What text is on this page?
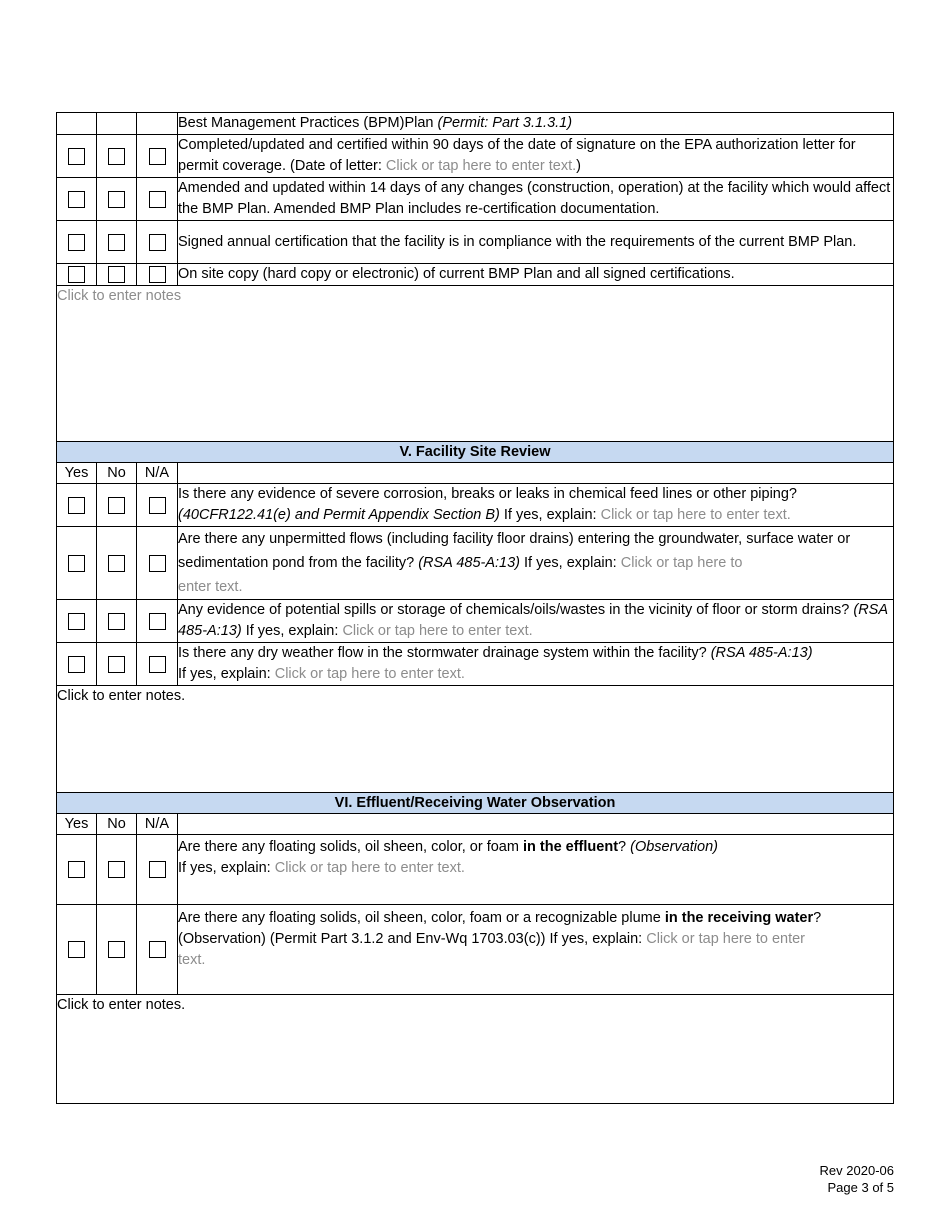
			Best Management Practices (BPM)Plan (Permit: Part 3.1.3.1)
			Completed/updated and certified within 90 days of the date of signature on the EPA authorization letter for permit coverage. (Date of letter: Click or tap here to enter text.)
			Amended and updated within 14 days of any changes (construction, operation) at the facility which would affect the BMP Plan. Amended BMP Plan includes re-certification documentation.
			Signed annual certification that the facility is in compliance with the requirements of the current BMP Plan.
			On site copy (hard copy or electronic) of current BMP Plan and all signed certifications.
Click to enter notes			
V. Facility Site Review			
Yes	No	N/A	
			Is there any evidence of severe corrosion, breaks or leaks in chemical feed lines or other piping? (40CFR122.41(e) and Permit Appendix Section B) If yes, explain: Click or tap here to enter text.
			Are there any unpermitted flows (including facility floor drains) entering the groundwater, surface water or sedimentation pond from the facility? (RSA 485-A:13) If yes, explain: Click or tap here to
enter text.
			Any evidence of potential spills or storage of chemicals/oils/wastes in the vicinity of floor or storm drains? (RSA 485-A:13) If yes, explain: Click or tap here to enter text.
			Is there any dry weather flow in the stormwater drainage system within the facility? (RSA 485-A:13)
If yes, explain: Click or tap here to enter text.
Click to enter notes.			
VI. Effluent/Receiving Water Observation			
Yes	No	N/A	
			Are there any floating solids, oil sheen, color, or foam in the effluent? (Observation)
If yes, explain: Click or tap here to enter text.
			Are there any floating solids, oil sheen, color, foam or a recognizable plume in the receiving water? (Observation) (Permit Part 3.1.2 and Env-Wq 1703.03(c)) If yes, explain: Click or tap here to enter
text.
Click to enter notes.			
Rev 2020-06
Page 3 of 5
